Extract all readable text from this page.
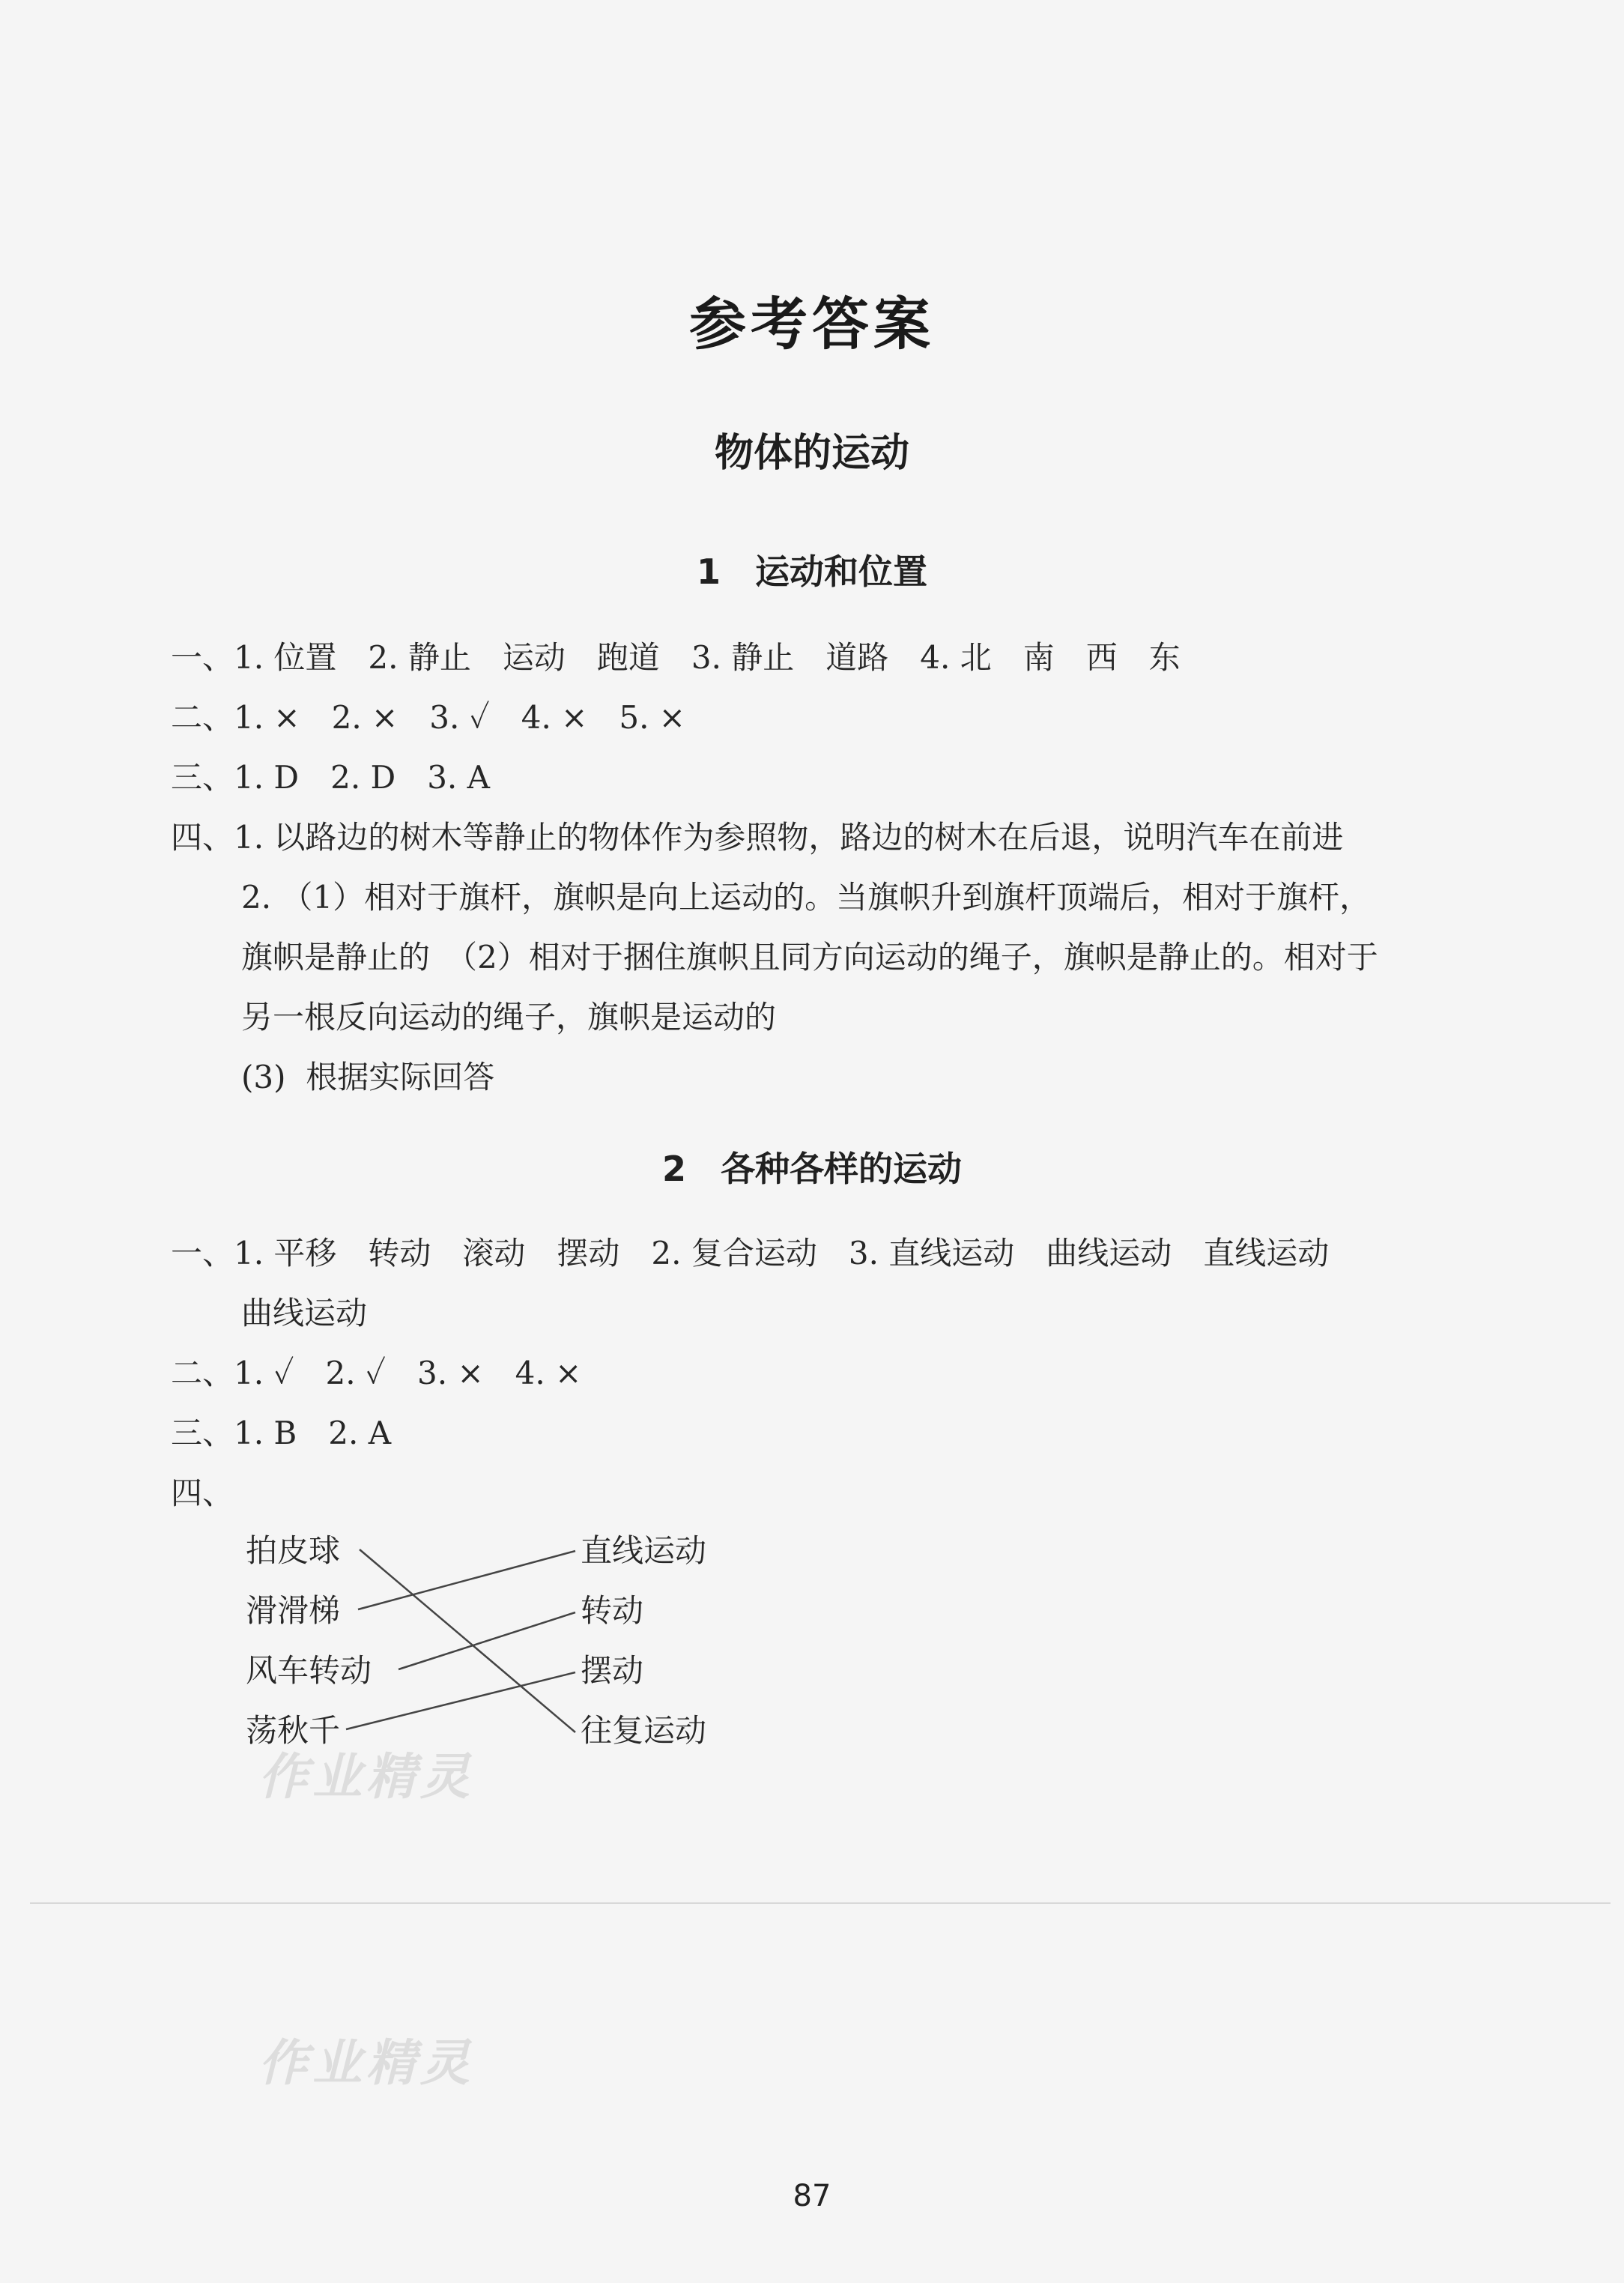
参考答案
物体的运动
1　运动和位置
一、1. 位置　2. 静止　运动　跑道　3. 静止　道路　4. 北　南　西　东
二、1. ×　2. ×　3. ✓　4. ×　5. ×
三、1. D　2. D　3. A
四、1. 以路边的树木等静止的物体作为参照物，路边的树木在后退，说明汽车在前进
2. （1）相对于旗杆，旗帜是向上运动的。当旗帜升到旗杆顶端后，相对于旗杆，
旗帜是静止的　（2）相对于捆住旗帜且同方向运动的绳子，旗帜是静止的。相对于
另一根反向运动的绳子，旗帜是运动的
(3)  根据实际回答
2　各种各样的运动
一、1. 平移　转动　滚动　摆动　2. 复合运动　3. 直线运动　曲线运动　直线运动
曲线运动
二、1. ✓　2. ✓　3. ×　4. ×
三、1. B　2. A
四、
拍皮球
滑滑梯
风车转动
荡秋千
直线运动
转动
摆动
往复运动
作业精灵
作业精灵
87
